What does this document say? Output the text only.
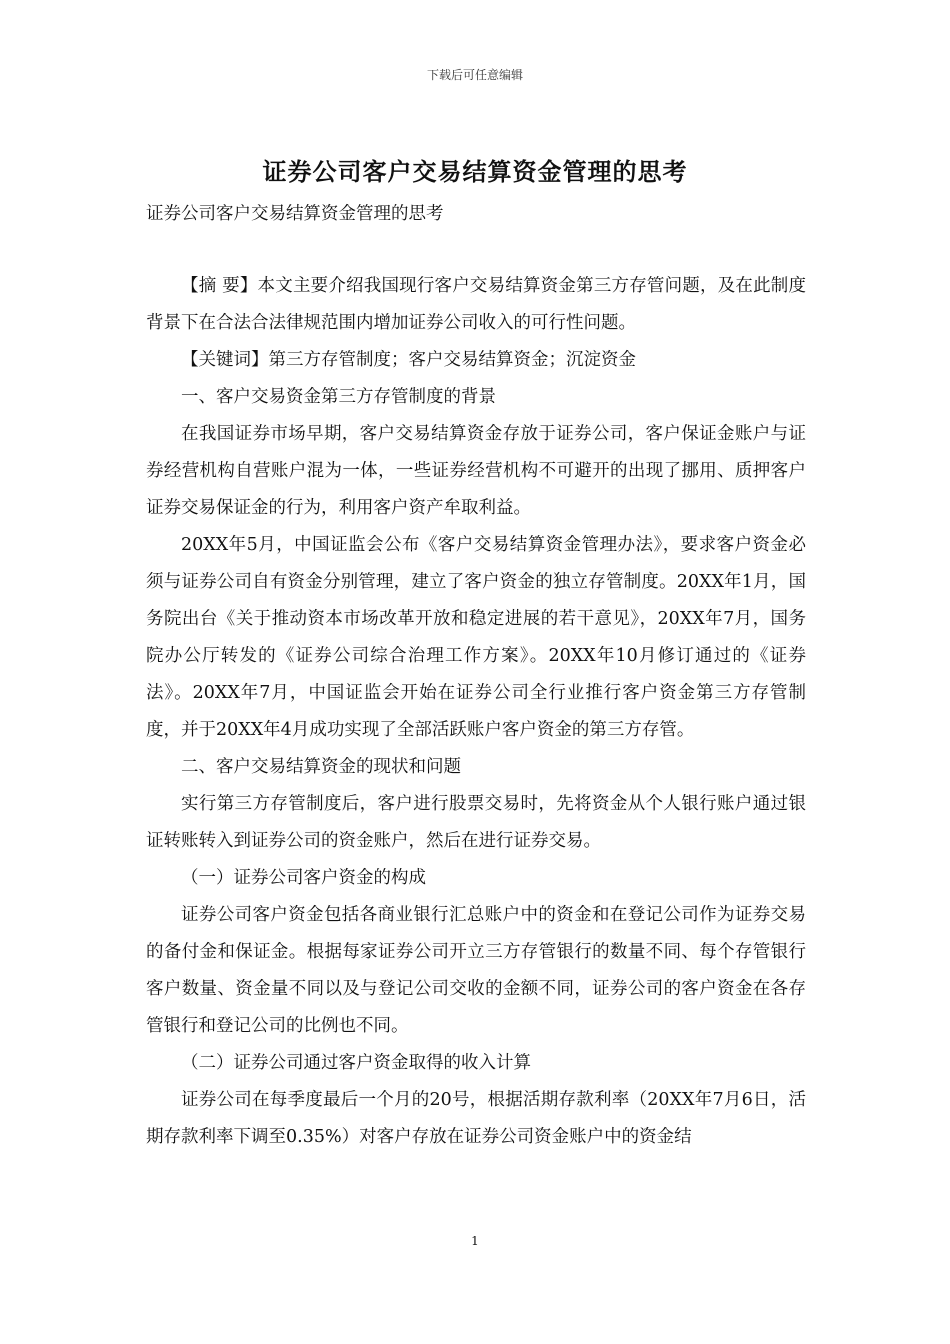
下载后可任意编辑
证券公司客户交易结算资金管理的思考
证券公司客户交易结算资金管理的思考

【摘 要】本文主要介绍我国现行客户交易结算资金第三方存管问题，及在此制度背景下在合法合法律规范围内增加证券公司收入的可行性问题。

【关键词】第三方存管制度；客户交易结算资金；沉淀资金

一、客户交易资金第三方存管制度的背景

在我国证券市场早期，客户交易结算资金存放于证券公司，客户保证金账户与证券经营机构自营账户混为一体，一些证券经营机构不可避开的出现了挪用、质押客户证券交易保证金的行为，利用客户资产牟取利益。

20XX年5月，中国证监会公布《客户交易结算资金管理办法》，要求客户资金必须与证券公司自有资金分别管理，建立了客户资金的独立存管制度。20XX年1月，国务院出台《关于推动资本市场改革开放和稳定进展的若干意见》，20XX年7月，国务院办公厅转发的《证券公司综合治理工作方案》。20XX年10月修订通过的《证券法》。20XX年7月，中国证监会开始在证券公司全行业推行客户资金第三方存管制度，并于20XX年4月成功实现了全部活跃账户客户资金的第三方存管。

二、客户交易结算资金的现状和问题

实行第三方存管制度后，客户进行股票交易时，先将资金从个人银行账户通过银证转账转入到证券公司的资金账户，然后在进行证券交易。

（一）证券公司客户资金的构成

证券公司客户资金包括各商业银行汇总账户中的资金和在登记公司作为证券交易的备付金和保证金。根据每家证券公司开立三方存管银行的数量不同、每个存管银行客户数量、资金量不同以及与登记公司交收的金额不同，证券公司的客户资金在各存管银行和登记公司的比例也不同。

（二）证券公司通过客户资金取得的收入计算

证券公司在每季度最后一个月的20号，根据活期存款利率（20XX年7月6日，活期存款利率下调至0.35%）对客户存放在证券公司资金账户中的资金结

1
